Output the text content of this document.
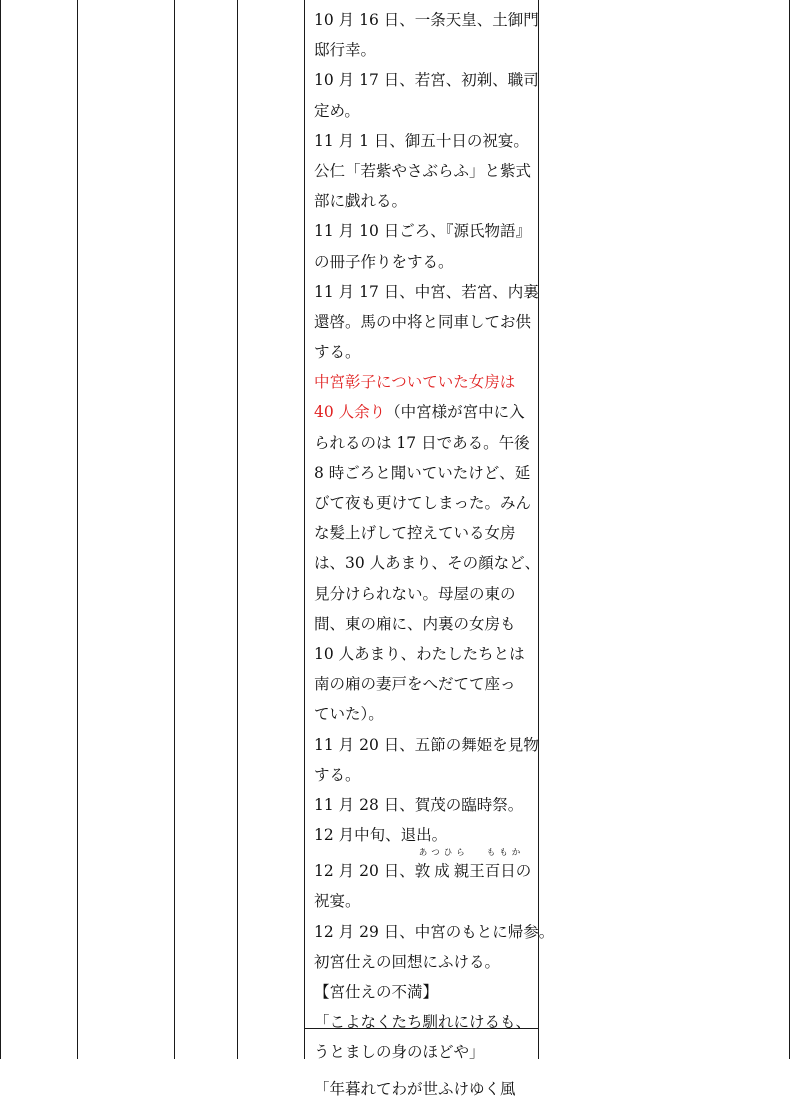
10 月 16 日、一条天皇、土御門
邸行幸。
10 月 17 日、若宮、初剃、職司
定め。
11 月 1 日、御五十日の祝宴。
公仁「若紫やさぶらふ」と紫式
部に戯れる。
11 月 10 日ごろ、『源氏物語』
の冊子作りをする。
11 月 17 日、中宮、若宮、内裏
還啓。馬の中将と同車してお供
する。
中宮彰子についていた女房は
40 人余り（中宮様が宮中に入
られるのは 17 日である。午後
8 時ごろと聞いていたけど、延
びて夜も更けてしまった。みん
な髪上げして控えている女房
は、30 人あまり、その顔など、
見分けられない。母屋の東の
間、東の廂に、内裏の女房も
10 人あまり、わたしたちとは
南の廂の妻戸をへだてて座っ
ていた）。
11 月 20 日、五節の舞姫を見物
する。
11 月 28 日、賀茂の臨時祭。
12 月中旬、退出。
12 月 20 日、
あつひら
敦成親王
ももか
百日の
祝宴。
12 月 29 日、中宮のもとに帰参。
初宮仕えの回想にふける。
【宮仕えの不満】
「こよなくたち馴れにけるも、
うとましの身のほどや」
「年暮れてわが世ふけゆく風
